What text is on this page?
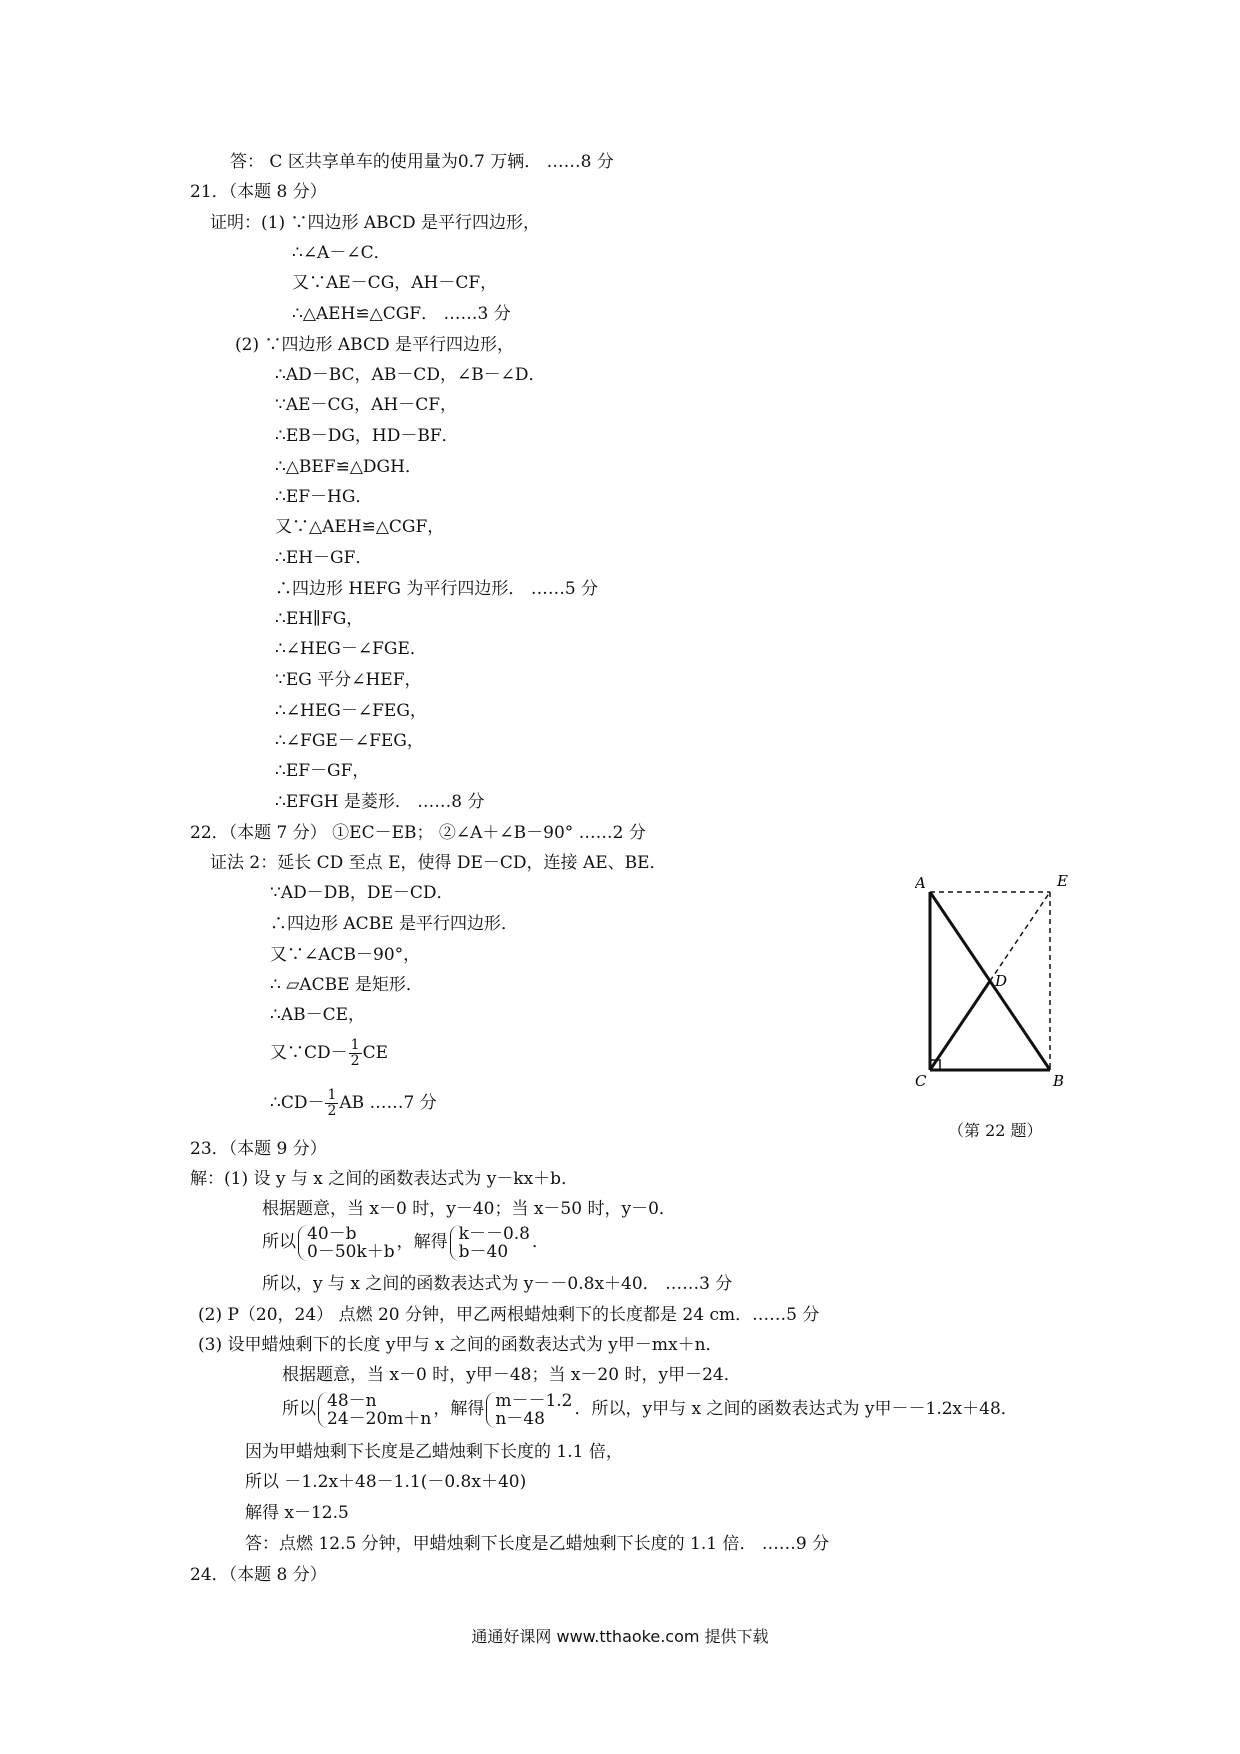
答： C 区共享单车的使用量为0.7 万辆． ……8 分
21．（本题 8 分）
证明：(1) ∵四边形 ABCD 是平行四边形，
∴∠A－∠C．
又∵AE－CG，AH－CF，
∴△AEH≌△CGF． ……3 分
(2) ∵四边形 ABCD 是平行四边形，
∴AD－BC，AB－CD，∠B－∠D．
∵AE－CG，AH－CF，
∴EB－DG，HD－BF．
∴△BEF≌△DGH．
∴EF－HG．
又∵△AEH≌△CGF，
∴EH－GF．
∴四边形 HEFG 为平行四边形． ……5 分
∴EH∥FG，
∴∠HEG－∠FGE．
∵EG 平分∠HEF，
∴∠HEG－∠FEG，
∴∠FGE－∠FEG，
∴EF－GF，
∴EFGH 是菱形． ……8 分
22．（本题 7 分） ①EC－EB； ②∠A＋∠B－90° ……2 分
证法 2：延长 CD 至点 E，使得 DE－CD，连接 AE、BE．
∵AD－DB，DE－CD．
∴四边形 ACBE 是平行四边形．
又∵∠ACB－90°，
∴ ▱ACBE 是矩形．
∴AB－CE，
又∵CD－ $\frac{1}{2}$ CE
∴CD－ $\frac{1}{2}$ AB ……7 分
A	E
D
C	B
（第 22 题）
23．（本题 9 分）
解：(1) 设 y 与 x 之间的函数表达式为 y－kx＋b．
根据题意，当 x－0 时，y－40；当 x－50 时，y－0．
所以 40－b
0－50k＋b ，解得 k－－0.8
b－40	．
所以，y 与 x 之间的函数表达式为 y－－0.8x＋40． ……3 分
(2) P（20，24） 点燃 20 分钟，甲乙两根蜡烛剩下的长度都是 24 cm．……5 分
(3) 设甲蜡烛剩下的长度 y甲与 x 之间的函数表达式为 y甲－mx＋n．
根据题意，当 x－0 时，y甲－48；当 x－20 时，y甲－24．
所以 48－n
24－20m＋n ，解得 m－－1.2
n－48	．所以，y甲与 x 之间的函数表达式为 y甲－－1.2x＋48．
因为甲蜡烛剩下长度是乙蜡烛剩下长度的 1.1 倍，
所以 －1.2x＋48－1.1(－0.8x＋40)
解得 x－12.5
答：点燃 12.5 分钟，甲蜡烛剩下长度是乙蜡烛剩下长度的 1.1 倍． ……9 分
24．（本题 8 分）
通通好课网 www.tthaoke.com 提供下载
